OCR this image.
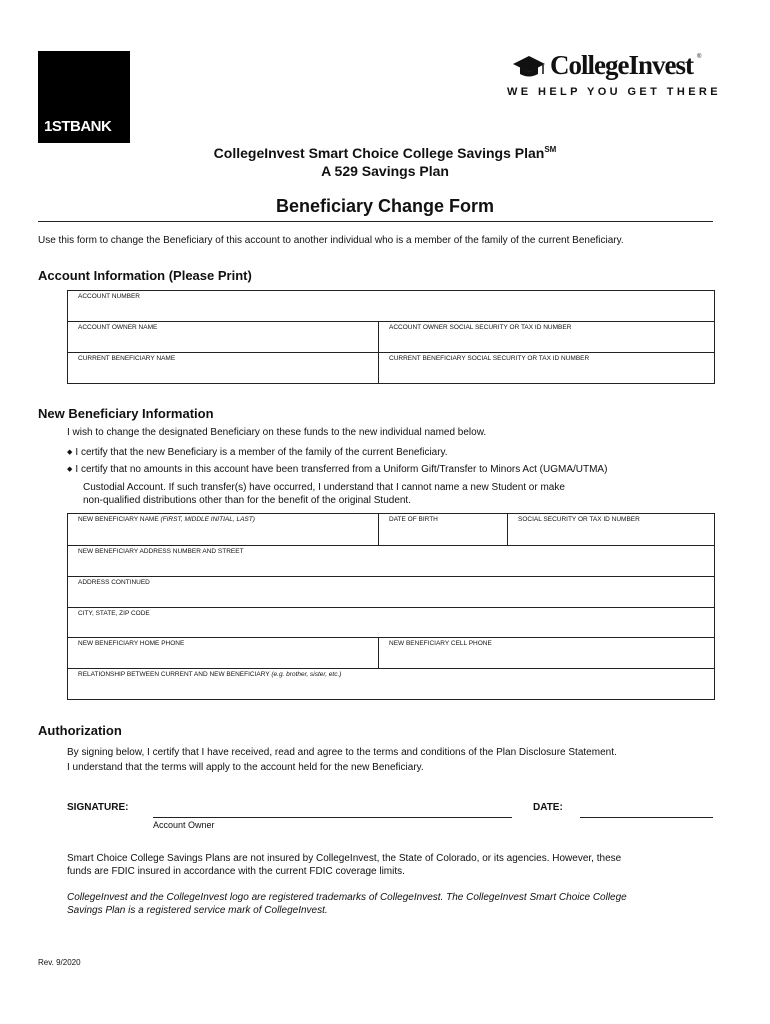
1STBANK
CollegeInvest ®
WE HELP YOU GET THERE
CollegeInvest Smart Choice College Savings Plan℠
A 529 Savings Plan
Beneficiary Change Form
Use this form to change the Beneficiary of this account to another individual who is a member of the family of the current Beneficiary.
Account Information (Please Print)
ACCOUNT NUMBER	

ACCOUNT OWNER NAME	ACCOUNT OWNER SOCIAL SECURITY OR TAX ID NUMBER

CURRENT BENEFICIARY NAME	CURRENT BENEFICIARY SOCIAL SECURITY OR TAX ID NUMBER
New Beneficiary Information
I wish to change the designated Beneficiary on these funds to the new individual named below.
◆ I certify that the new Beneficiary is a member of the family of the current Beneficiary.
◆ I certify that no amounts in this account have been transferred from a Uniform Gift/Transfer to Minors Act (UGMA/UTMA)
Custodial Account. If such transfer(s) have occurred, I understand that I cannot name a new Student or make
non-qualified distributions other than for the benefit of the original Student.
NEW BENEFICIARY NAME (FIRST, MIDDLE INITIAL, LAST)	DATE OF BIRTH	SOCIAL SECURITY OR TAX ID NUMBER

NEW BENEFICIARY ADDRESS NUMBER AND STREET		

ADDRESS CONTINUED		

CITY, STATE, ZIP CODE		

NEW BENEFICIARY HOME PHONE	NEW BENEFICIARY CELL PHONE	

RELATIONSHIP BETWEEN CURRENT AND NEW BENEFICIARY (e.g. brother, sister, etc.)		
Authorization
By signing below, I certify that I have received, read and agree to the terms and conditions of the Plan Disclosure Statement.
I understand that the terms will apply to the account held for the new Beneficiary.
SIGNATURE:
Account Owner
DATE:
Smart Choice College Savings Plans are not insured by CollegeInvest, the State of Colorado, or its agencies. However, these
funds are FDIC insured in accordance with the current FDIC coverage limits.
CollegeInvest and the CollegeInvest logo are registered trademarks of CollegeInvest. The CollegeInvest Smart Choice College
Savings Plan is a registered service mark of CollegeInvest.
Rev. 9/2020
